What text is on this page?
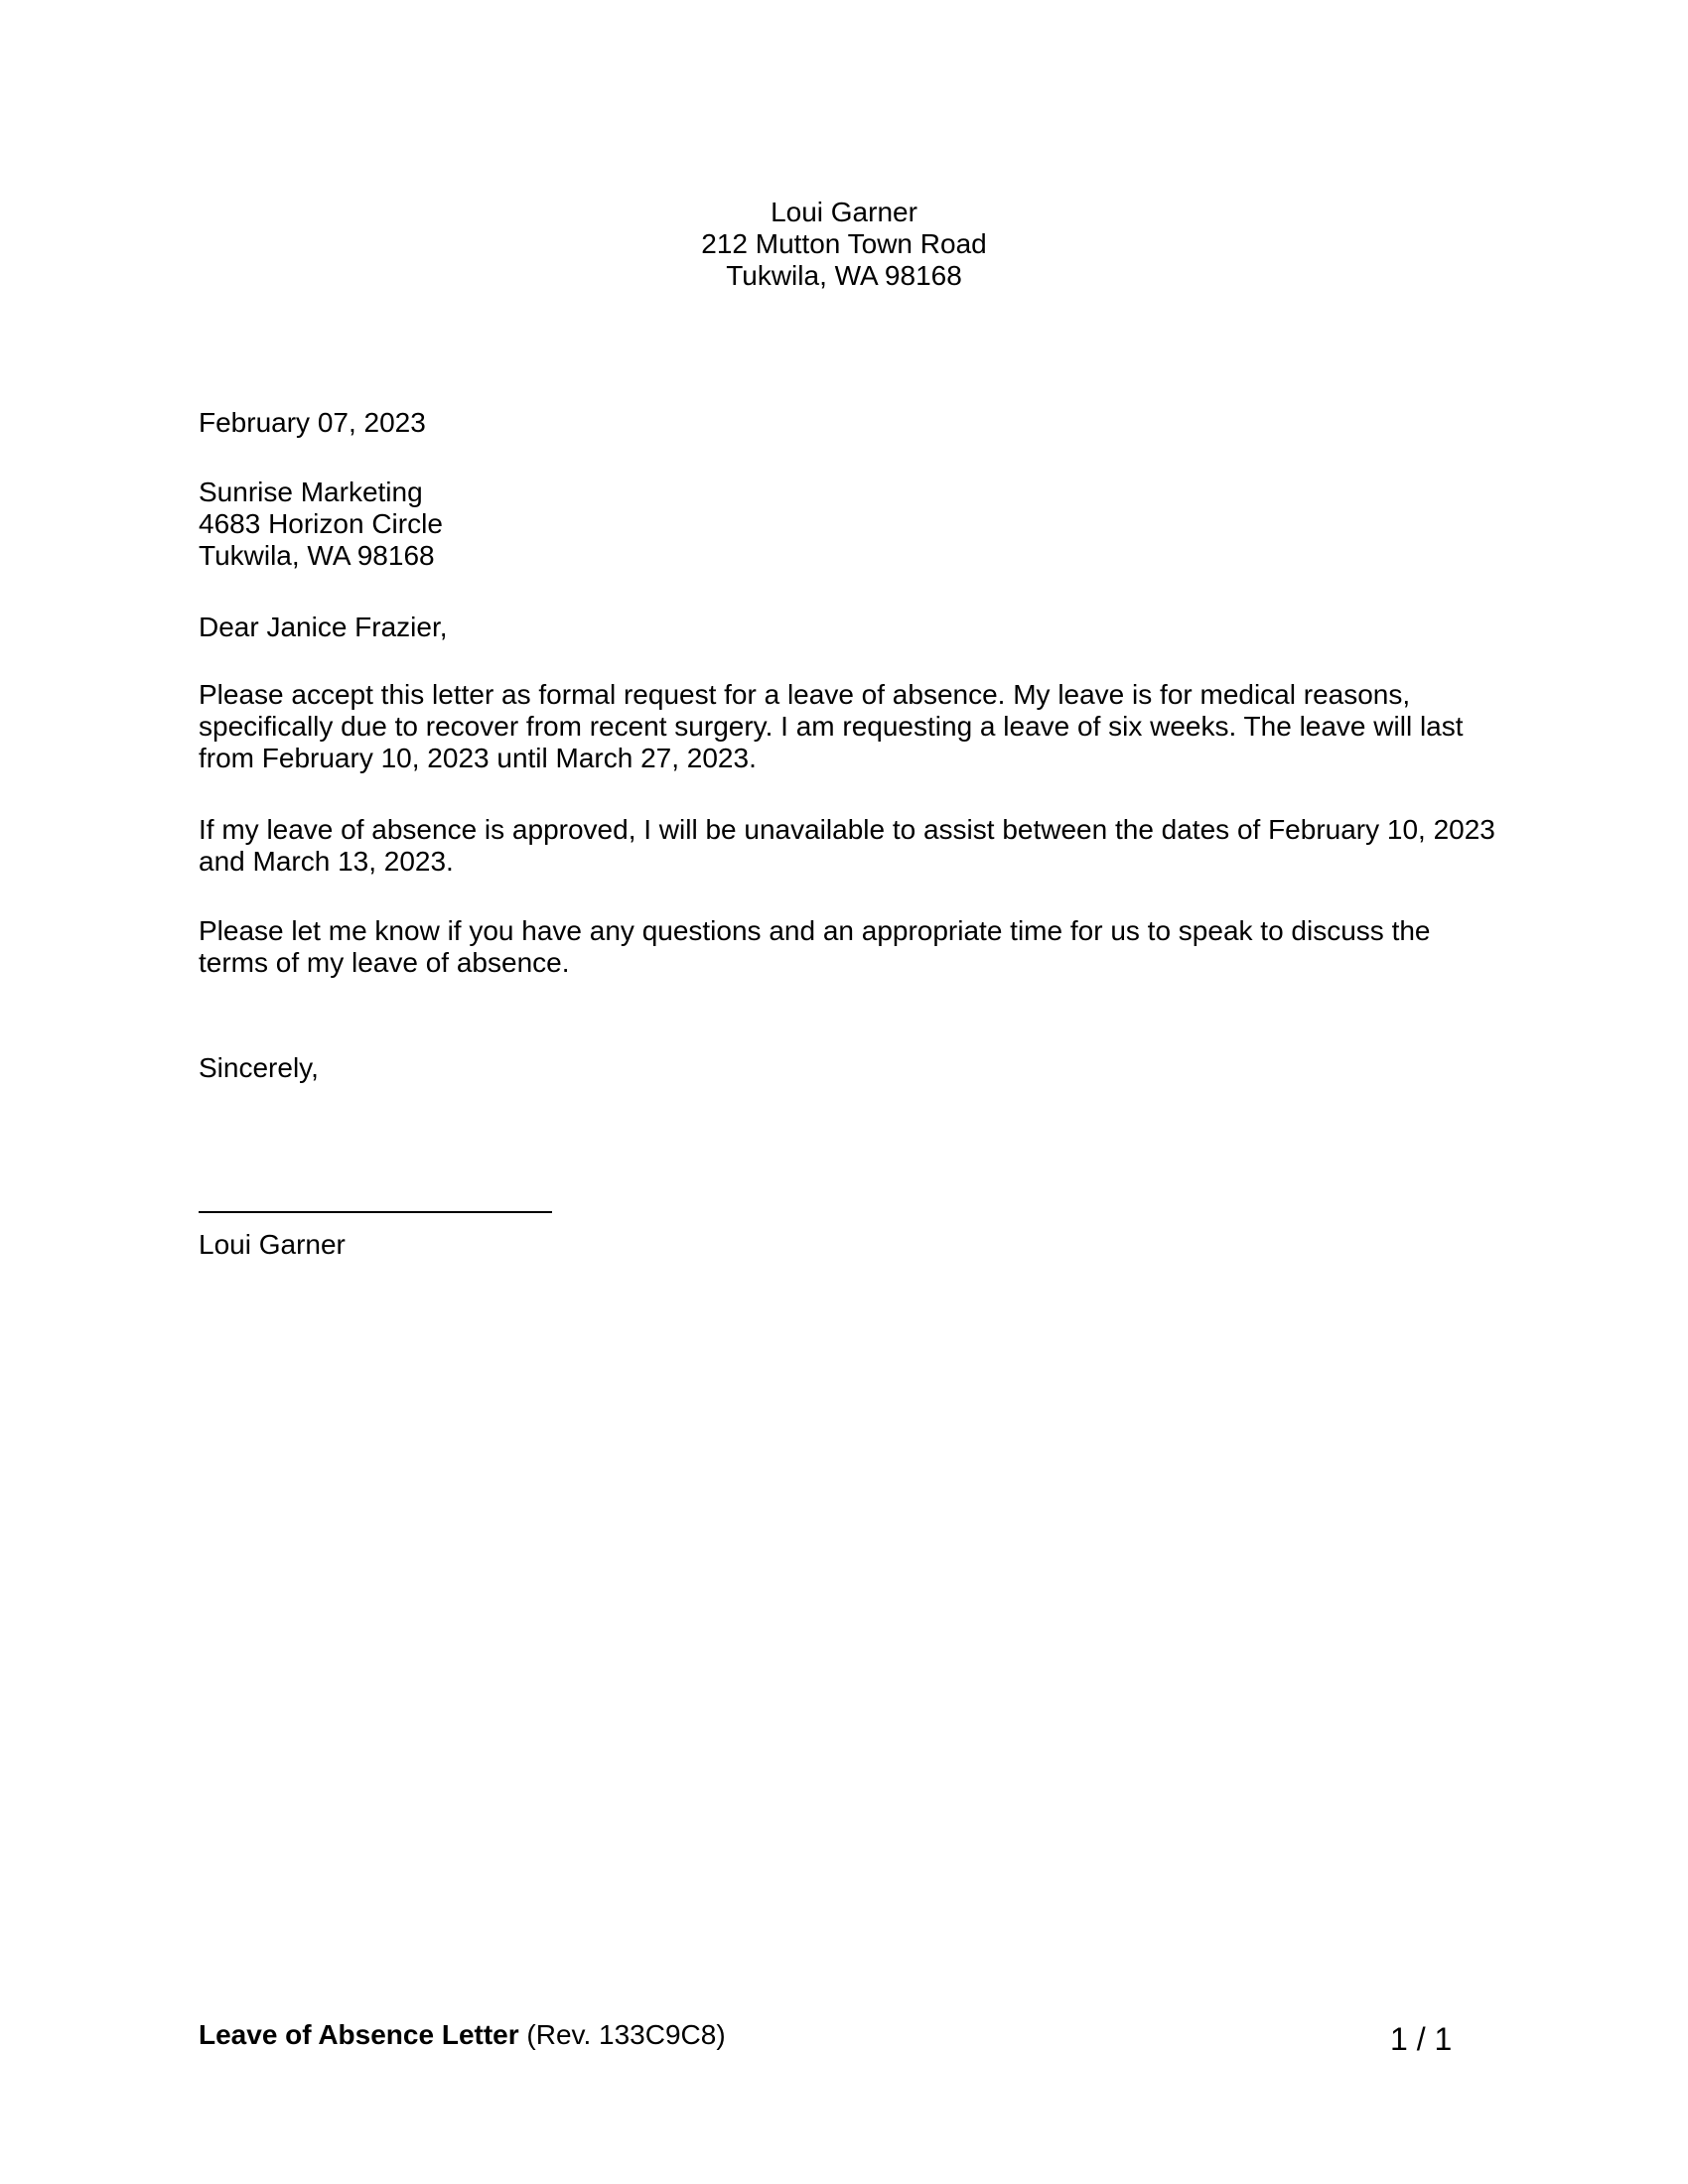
Loui Garner
212 Mutton Town Road
Tukwila, WA 98168
February 07, 2023
Sunrise Marketing
4683 Horizon Circle
Tukwila, WA 98168
Dear Janice Frazier,
Please accept this letter as formal request for a leave of absence. My leave is for medical reasons,
specifically due to recover from recent surgery. I am requesting a leave of six weeks. The leave will last
from February 10, 2023 until March 27, 2023.
If my leave of absence is approved, I will be unavailable to assist between the dates of February 10, 2023
and March 13, 2023.
Please let me know if you have any questions and an appropriate time for us to speak to discuss the
terms of my leave of absence.
Sincerely,
Loui Garner
Leave of Absence Letter (Rev. 133C9C8)	1 / 1
